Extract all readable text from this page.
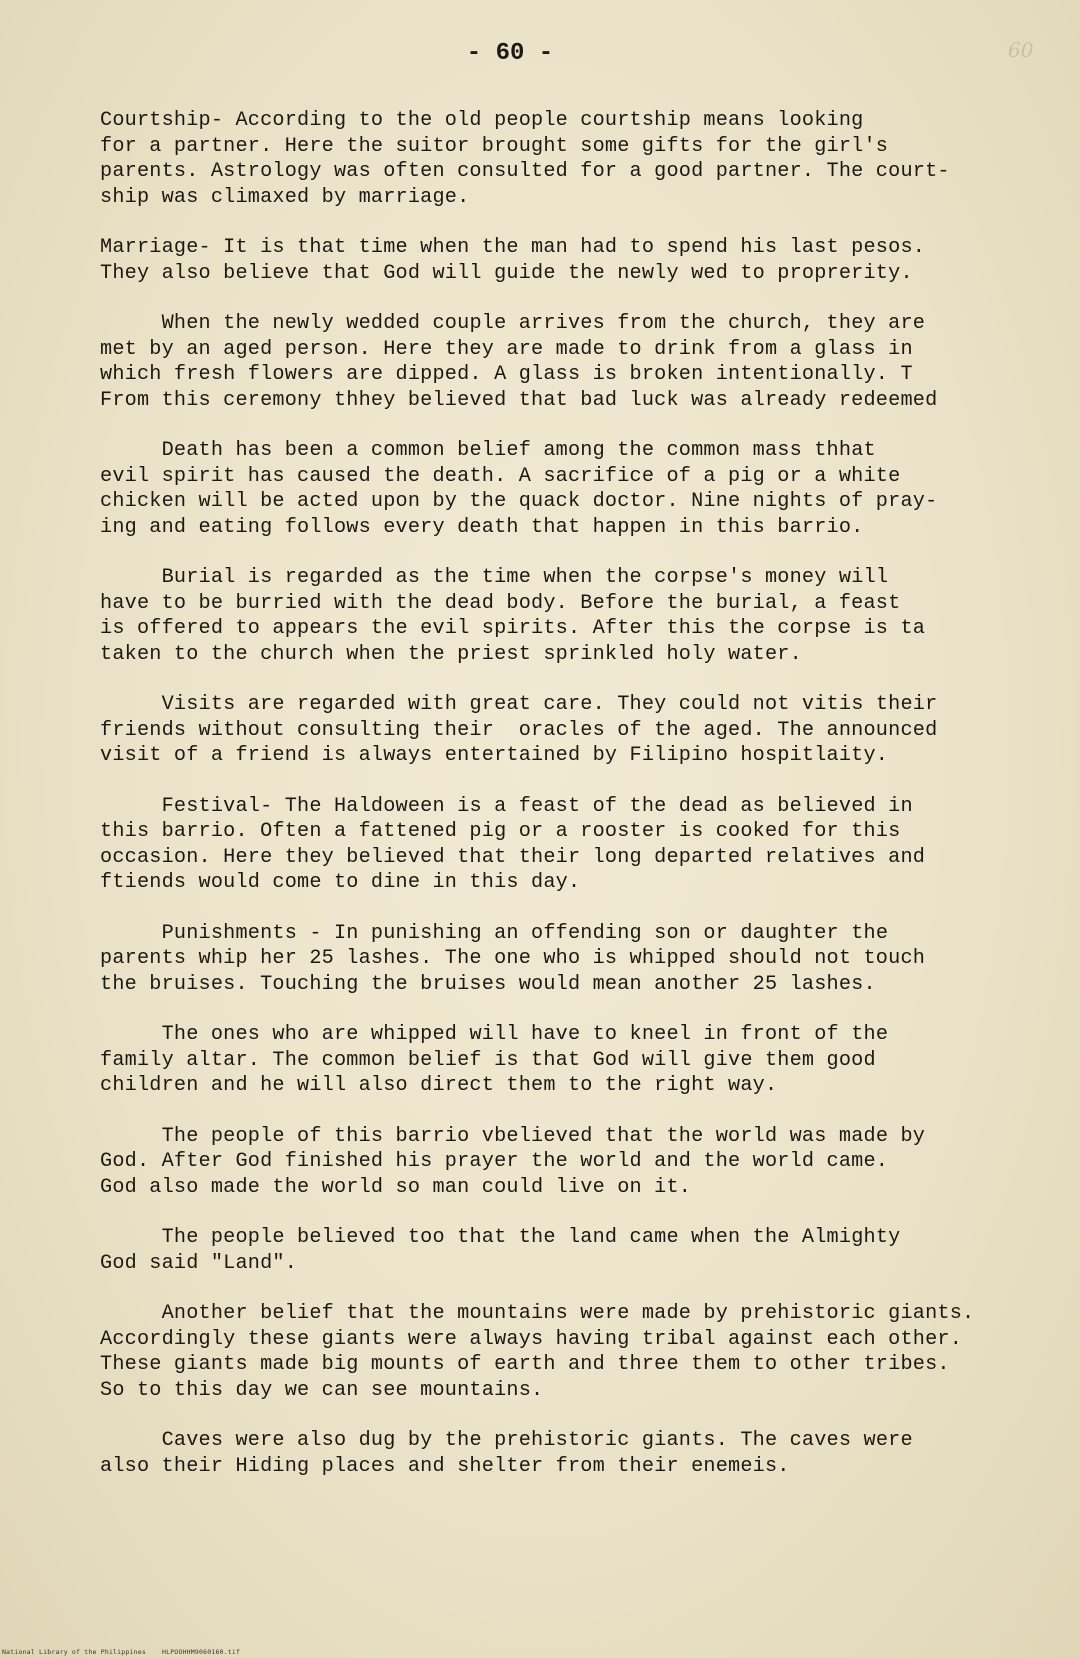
- 60 -	60
Courtship- According to the old people courtship means looking
for a partner. Here the suitor brought some gifts for the girl's
parents. Astrology was often consulted for a good partner. The court-
ship was climaxed by marriage.
Marriage- It is that time when the man had to spend his last pesos.
They also believe that God will guide the newly wed to proprerity.
When the newly wedded couple arrives from the church, they are
met by an aged person. Here they are made to drink from a glass in
which fresh flowers are dipped. A glass is broken intentionally. T
From this ceremony thhey believed that bad luck was already redeemed
Death has been a common belief among the common mass thhat
evil spirit has caused the death. A sacrifice of a pig or a white
chicken will be acted upon by the quack doctor. Nine nights of pray-
ing and eating follows every death that happen in this barrio.
Burial is regarded as the time when the corpse's money will
have to be burried with the dead body. Before the burial, a feast
is offered to appears the evil spirits. After this the corpse is ta
taken to the church when the priest sprinkled holy water.
Visits are regarded with great care. They could not vitis their
friends without consulting their  oracles of the aged. The announced
visit of a friend is always entertained by Filipino hospitlaity.
Festival- The Haldoween is a feast of the dead as believed in
this barrio. Often a fattened pig or a rooster is cooked for this
occasion. Here they believed that their long departed relatives and
ftiends would come to dine in this day.
Punishments - In punishing an offending son or daughter the
parents whip her 25 lashes. The one who is whipped should not touch
the bruises. Touching the bruises would mean another 25 lashes.
The ones who are whipped will have to kneel in front of the
family altar. The common belief is that God will give them good
children and he will also direct them to the right way.
The people of this barrio vbelieved that the world was made by
God. After God finished his prayer the world and the world came.
God also made the world so man could live on it.
The people believed too that the land came when the Almighty
God said "Land".
Another belief that the mountains were made by prehistoric giants.
Accordingly these giants were always having tribal against each other.
These giants made big mounts of earth and three them to other tribes.
So to this day we can see mountains.
Caves were also dug by the prehistoric giants. The caves were
also their Hiding places and shelter from their enemeis.
National Library of the Philippines HLPOOHHM9060160.tif
